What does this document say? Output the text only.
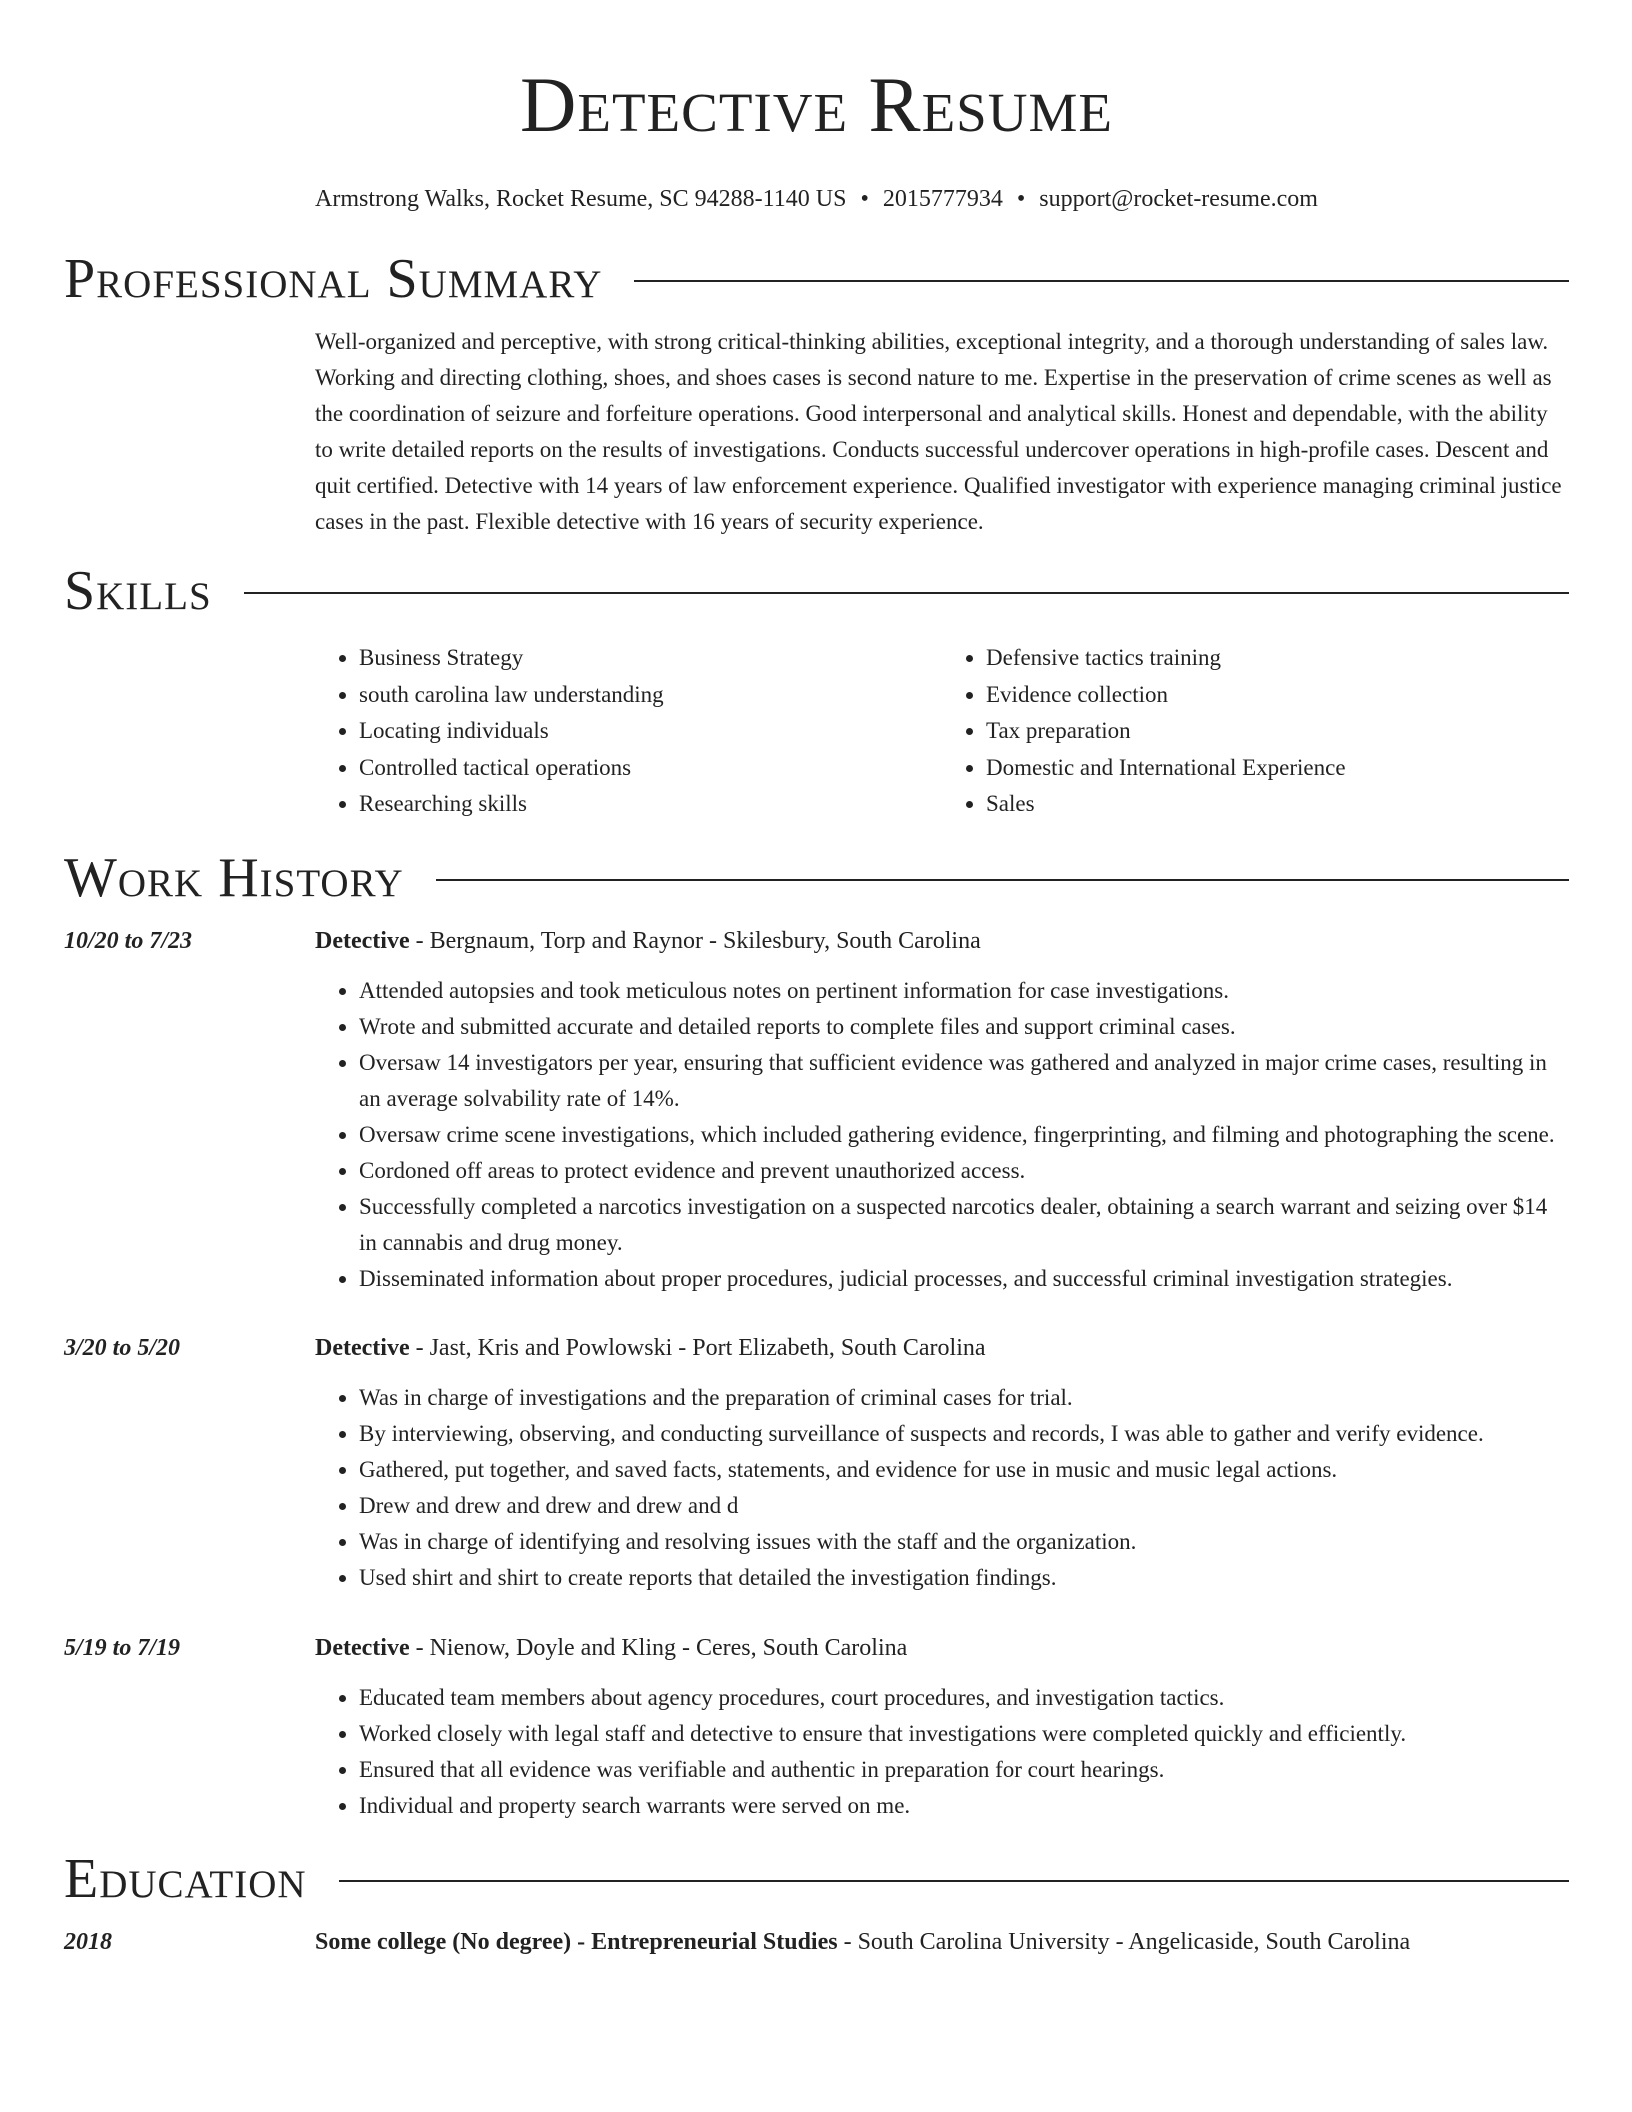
Detective Resume
Armstrong Walks, Rocket Resume, SC 94288-1140 US • 2015777934 • support@rocket-resume.com
Professional Summary

Well-organized and perceptive, with strong critical-thinking abilities, exceptional integrity, and a thorough understanding of sales law. Working and directing clothing, shoes, and shoes cases is second nature to me. Expertise in the preservation of crime scenes as well as the coordination of seizure and forfeiture operations. Good interpersonal and analytical skills. Honest and dependable, with the ability to write detailed reports on the results of investigations. Conducts successful undercover operations in high-profile cases. Descent and quit certified. Detective with 14 years of law enforcement experience. Qualified investigator with experience managing criminal justice cases in the past. Flexible detective with 16 years of security experience.

Skills
• Business Strategy
• south carolina law understanding
• Locating individuals
• Controlled tactical operations
• Researching skills
• Defensive tactics training
• Evidence collection
• Tax preparation
• Domestic and International Experience
• Sales
Work History
10/20 to 7/23	Detective - Bergnaum, Torp and Raynor - Skilesbury, South Carolina
• Attended autopsies and took meticulous notes on pertinent information for case investigations.
• Wrote and submitted accurate and detailed reports to complete files and support criminal cases.
• Oversaw 14 investigators per year, ensuring that sufficient evidence was gathered and analyzed in major crime cases, resulting in an average solvability rate of 14%.
• Oversaw crime scene investigations, which included gathering evidence, fingerprinting, and filming and photographing the scene.
• Cordoned off areas to protect evidence and prevent unauthorized access.
• Successfully completed a narcotics investigation on a suspected narcotics dealer, obtaining a search warrant and seizing over $14 in cannabis and drug money.
• Disseminated information about proper procedures, judicial processes, and successful criminal investigation strategies.
3/20 to 5/20	Detective - Jast, Kris and Powlowski - Port Elizabeth, South Carolina
• Was in charge of investigations and the preparation of criminal cases for trial.
• By interviewing, observing, and conducting surveillance of suspects and records, I was able to gather and verify evidence.
• Gathered, put together, and saved facts, statements, and evidence for use in music and music legal actions.
• Drew and drew and drew and drew and d
• Was in charge of identifying and resolving issues with the staff and the organization.
• Used shirt and shirt to create reports that detailed the investigation findings.
5/19 to 7/19	Detective - Nienow, Doyle and Kling - Ceres, South Carolina
• Educated team members about agency procedures, court procedures, and investigation tactics.
• Worked closely with legal staff and detective to ensure that investigations were completed quickly and efficiently.
• Ensured that all evidence was verifiable and authentic in preparation for court hearings.
• Individual and property search warrants were served on me.
Education
2018	Some college (No degree) - Entrepreneurial Studies - South Carolina University - Angelicaside, South Carolina
